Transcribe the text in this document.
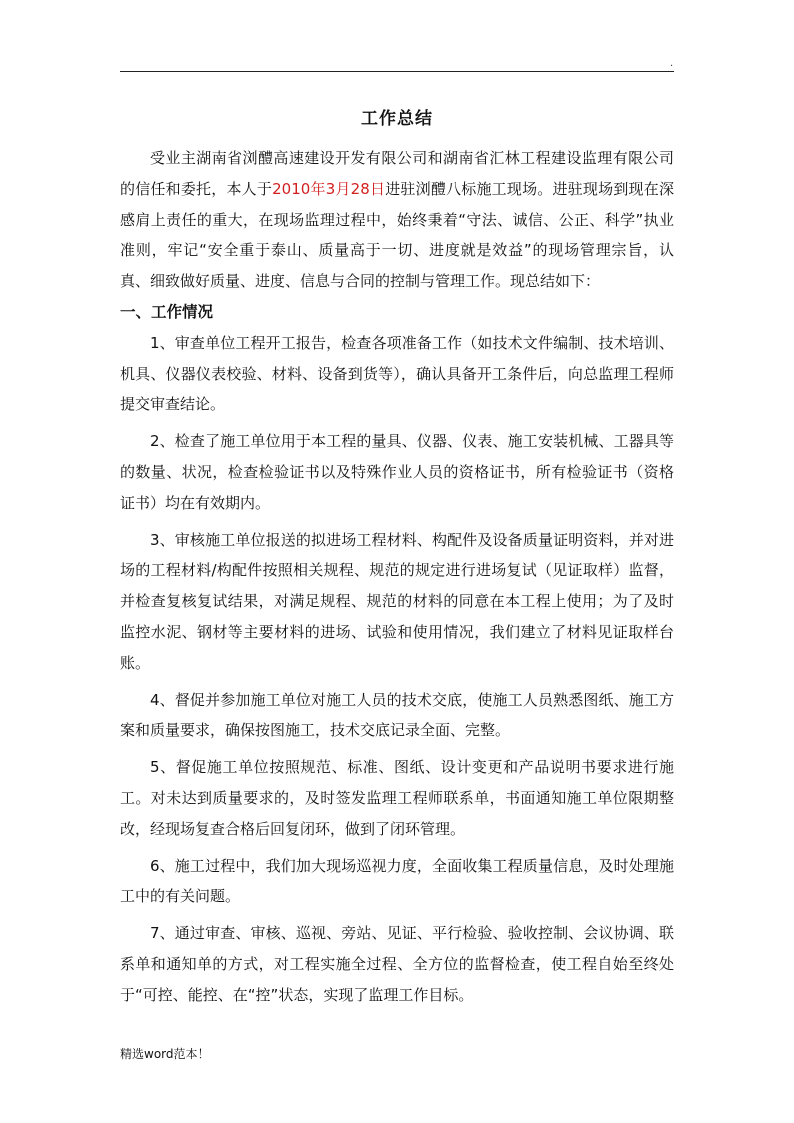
.
工作总结

受业主湖南省浏醴高速建设开发有限公司和湖南省汇林工程建设监理有限公司的信任和委托，本人于2010年3月28日进驻浏醴八标施工现场。进驻现场到现在深感肩上责任的重大，在现场监理过程中，始终秉着“守法、诚信、公正、科学”执业准则，牢记“安全重于泰山、质量高于一切、进度就是效益”的现场管理宗旨，认真、细致做好质量、进度、信息与合同的控制与管理工作。现总结如下：

一、工作情况

1、审查单位工程开工报告，检查各项准备工作（如技术文件编制、技术培训、机具、仪器仪表校验、材料、设备到货等），确认具备开工条件后，向总监理工程师提交审查结论。

2、检查了施工单位用于本工程的量具、仪器、仪表、施工安装机械、工器具等的数量、状况，检查检验证书以及特殊作业人员的资格证书，所有检验证书（资格证书）均在有效期内。

3、审核施工单位报送的拟进场工程材料、构配件及设备质量证明资料，并对进场的工程材料/构配件按照相关规程、规范的规定进行进场复试（见证取样）监督，并检查复核复试结果，对满足规程、规范的材料的同意在本工程上使用；为了及时监控水泥、钢材等主要材料的进场、试验和使用情况，我们建立了材料见证取样台账。

4、督促并参加施工单位对施工人员的技术交底，使施工人员熟悉图纸、施工方案和质量要求，确保按图施工，技术交底记录全面、完整。

5、督促施工单位按照规范、标准、图纸、设计变更和产品说明书要求进行施工。对未达到质量要求的，及时签发监理工程师联系单，书面通知施工单位限期整改，经现场复查合格后回复闭环，做到了闭环管理。

6、施工过程中，我们加大现场巡视力度，全面收集工程质量信息，及时处理施工中的有关问题。

7、通过审查、审核、巡视、旁站、见证、平行检验、验收控制、会议协调、联系单和通知单的方式，对工程实施全过程、全方位的监督检查，使工程自始至终处于“可控、能控、在“控”状态，实现了监理工作目标。

精选word范本！
